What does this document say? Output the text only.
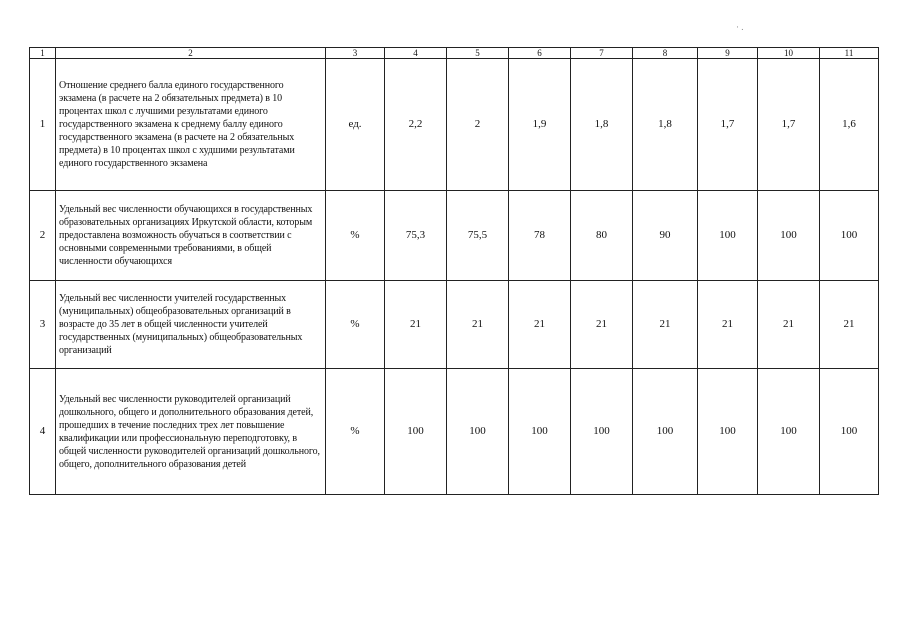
· .
1	2	3	4	5	6	7	8	9	10	11
1	Отношение среднего балла единого государственного экзамена (в расчете на 2 обязательных предмета) в 10 процентах школ с лучшими результатами единого государственного экзамена к среднему баллу единого государственного экзамена (в расчете на 2 обязательных предмета) в 10 процентах школ с худшими результатами единого государственного экзамена	ед.	2,2	2	1,9	1,8	1,8	1,7	1,7	1,6
2	Удельный вес численности обучающихся в государственных образовательных организациях Иркутской области, которым предоставлена возможность обучаться в соответствии с основными современными требованиями, в общей численности обучающихся	%	75,3	75,5	78	80	90	100	100	100
3	Удельный вес численности учителей государственных (муниципальных) общеобразовательных организаций в возрасте до 35 лет в общей численности учителей государственных (муниципальных) общеобразовательных организаций	%	21	21	21	21	21	21	21	21
4	Удельный вес численности руководителей организаций дошкольного, общего и дополнительного образования детей, прошедших в течение последних трех лет повышение квалификации или профессиональную переподготовку, в общей численности руководителей организаций дошкольного, общего, дополнительного образования детей	%	100	100	100	100	100	100	100	100
